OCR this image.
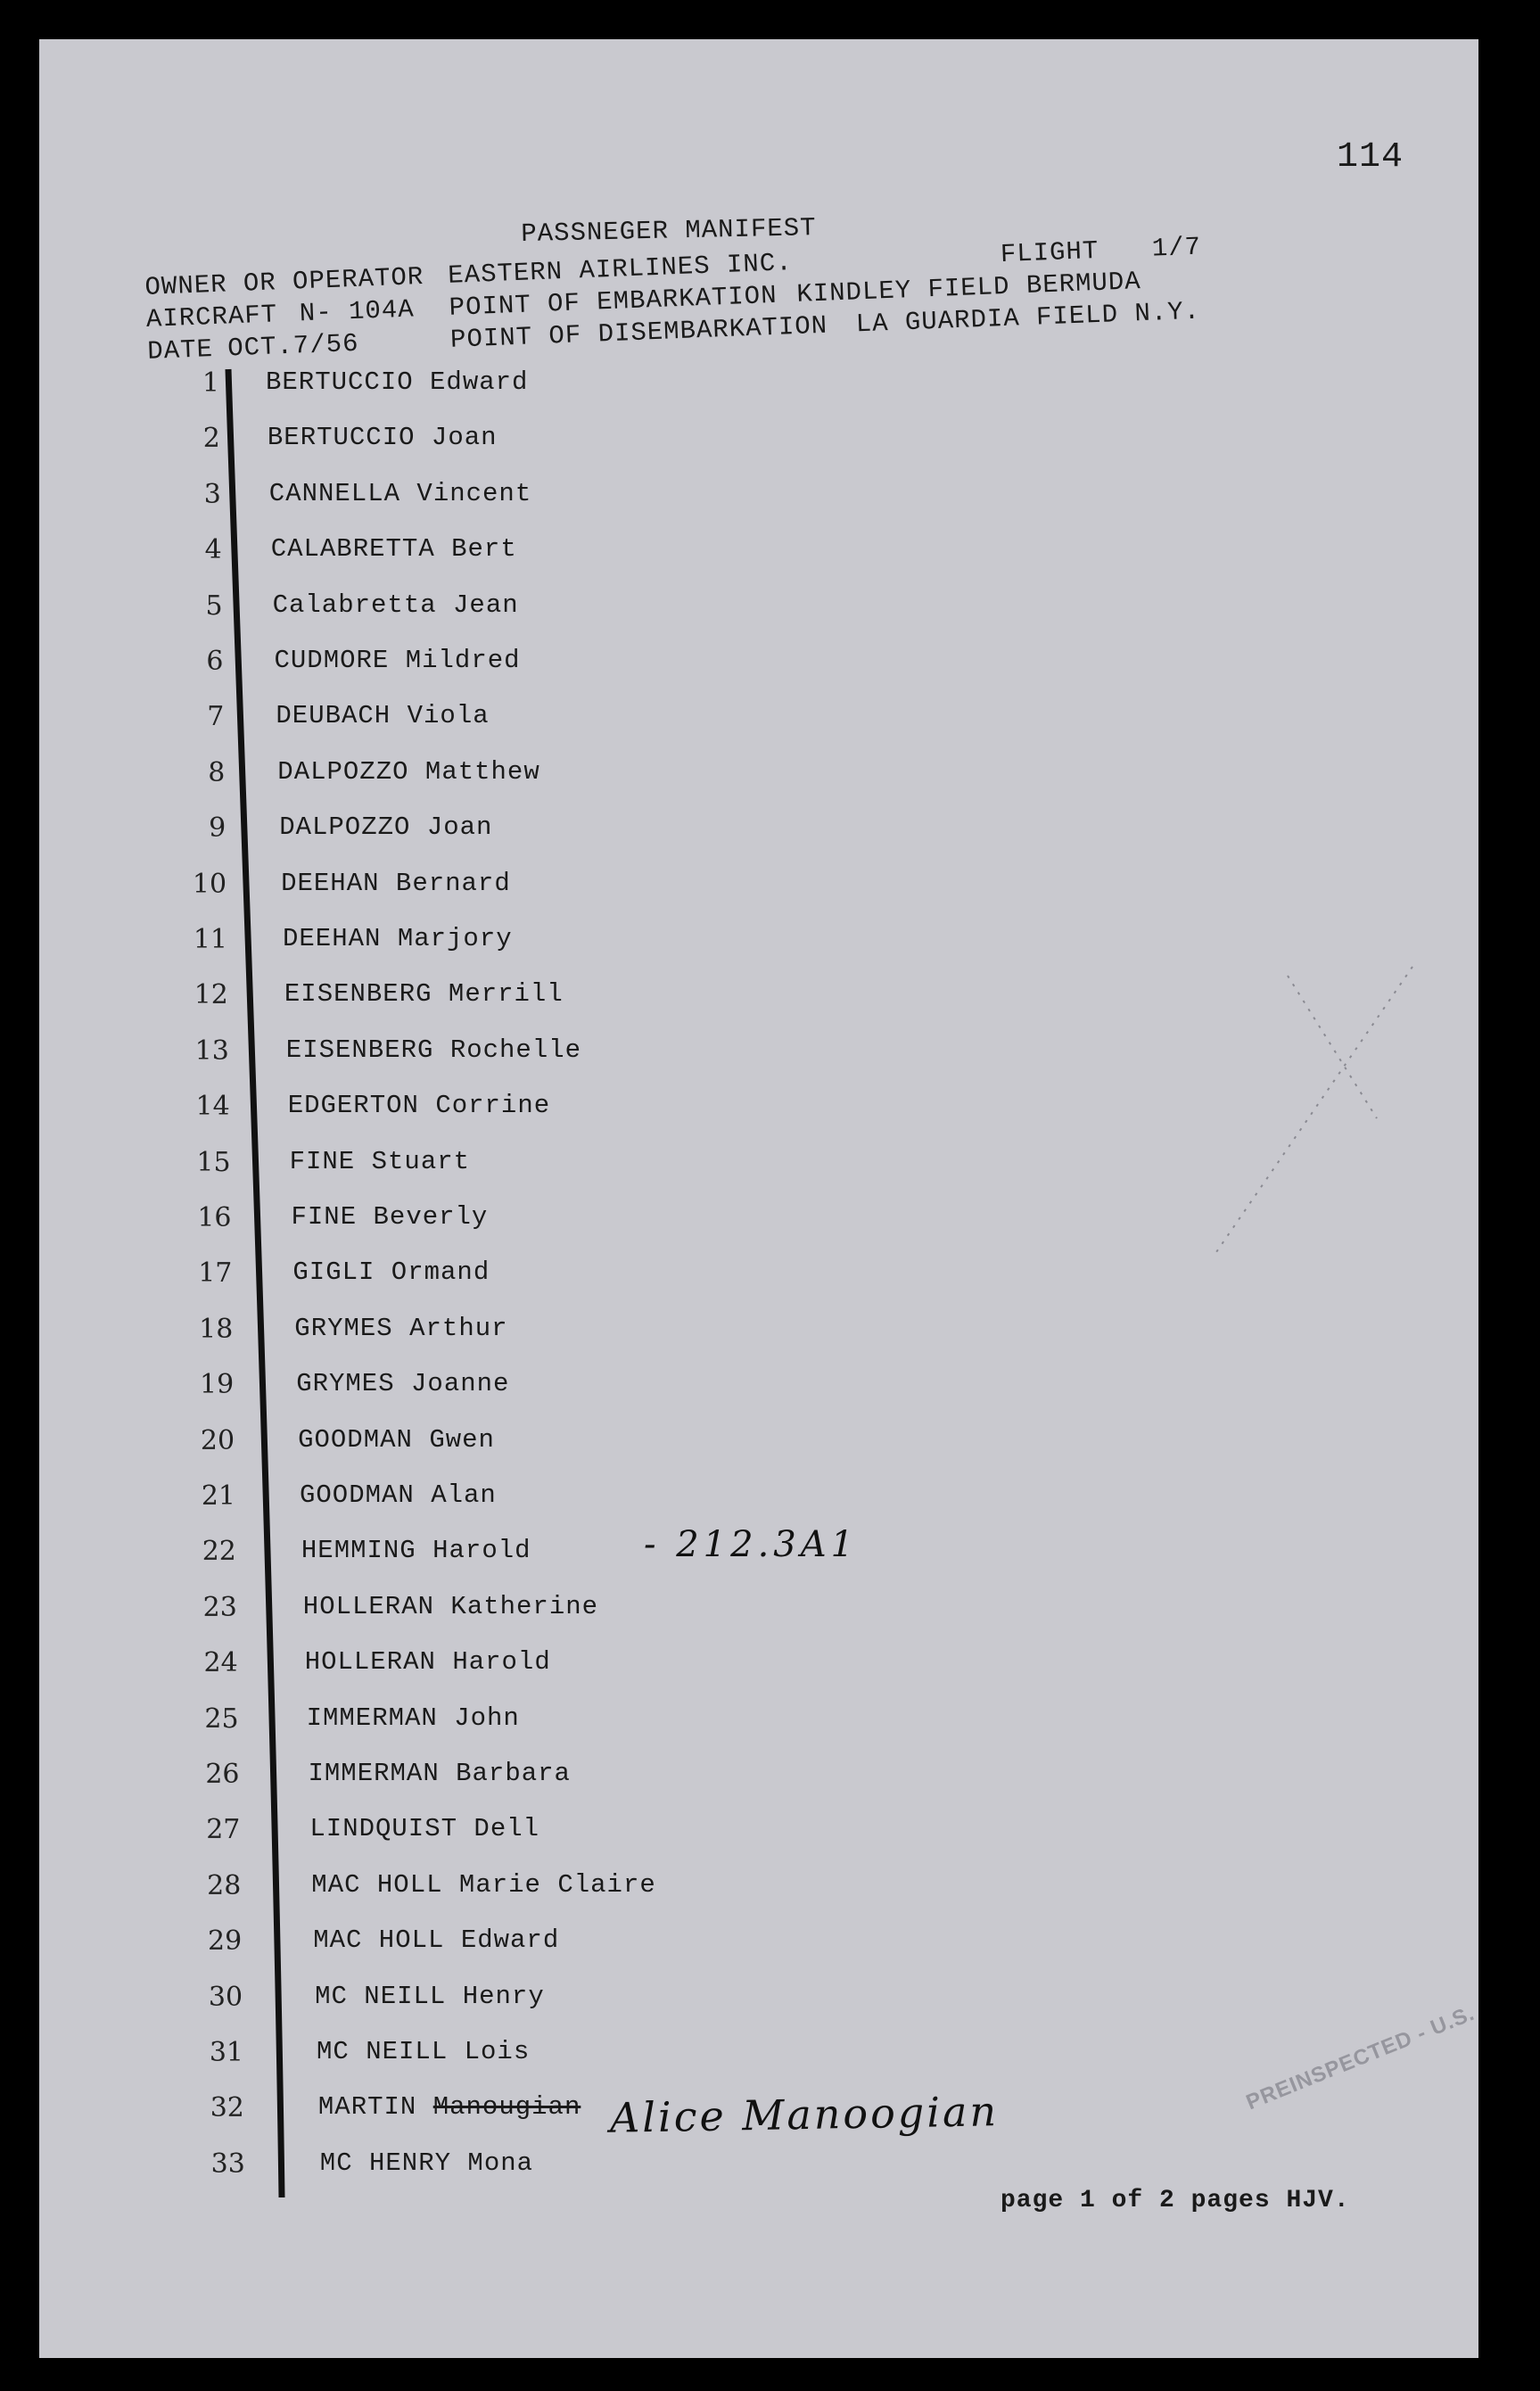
114
PASSNEGER MANIFEST
OWNER OR OPERATOR EASTERN AIRLINES INC.	FLIGHT 1/7
AIRCRAFT N- 104A POINT OF EMBARKATION KINDLEY FIELD BERMUDA
DATE OCT.7/56	POINT OF DISEMBARKATION LA GUARDIA FIELD N.Y.
1 BERTUCCIO Edward
2 BERTUCCIO Joan
3 CANNELLA Vincent
4 CALABRETTA Bert
5 Calabretta Jean
6 CUDMORE Mildred
7 DEUBACH Viola
8 DALPOZZO Matthew
9 DALPOZZO Joan
10 DEEHAN Bernard
11 DEEHAN Marjory
12 EISENBERG Merrill
13 EISENBERG Rochelle
14 EDGERTON Corrine
15 FINE Stuart
16 FINE Beverly
17 GIGLI Ormand
18 GRYMES Arthur
19 GRYMES Joanne
20 GOODMAN Gwen
21 GOODMAN Alan
22	HEMMING Harold
23	HOLLERAN Katherine
24	HOLLERAN Harold
25	IMMERMAN John
26	IMMERMAN Barbara
27	LINDQUIST Dell
28	MAC HOLL Marie Claire
29	MAC HOLL Edward
30	MC NEILL Henry
31	MC NEILL Lois
32	MARTIN Manougian
33	MC HENRY Mona
- 212.3A1
Alice Manoogian
page 1 of 2 pages HJV.
PREINSPECTED - U.S.
